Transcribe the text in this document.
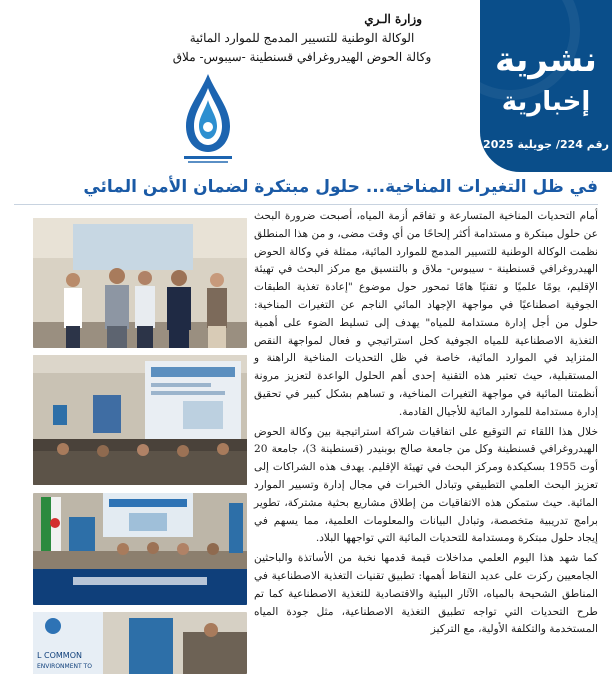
وزارة الـري
الوكالة الوطنية للتسيير المدمج للموارد المائية
وكالة الحوض الهيدروغرافي قسنطينة -سيبوس- ملاق	نشرية
إخبارية
رقم 224/ جويلية 2025
في ظل التغيرات المناخية... حلول مبتكرة لضمان الأمن المائي
L COMMON
ENVIRONMENT TO

أمام التحديات المناخية المتسارعة و تفاقم أزمة المياه، أصبحت ضرورة البحث عن حلول مبتكرة و مستدامة أكثر إلحاحًا من أي وقت مضى، و من هذا المنطلق نظمت الوكالة الوطنية للتسيير المدمج للموارد المائية، ممثلة في وكالة الحوض الهيدروغرافي قسنطينة - سيبوس- ملاق و بالتنسيق مع مركز البحث في تهيئة الإقليم، يومًا علميًا و تقنيًا هامًا تمحور حول موضوع "إعادة تغذية الطبقات الجوفية اصطناعيًا في مواجهة الإجهاد المائي الناجم عن التغيرات المناخية: حلول من أجل إدارة مستدامة للمياه" يهدف إلى تسليط الضوء على أهمية التغذية الاصطناعية للمياه الجوفية كحل استراتيجي و فعال لمواجهة النقص المتزايد في الموارد المائية، خاصة في ظل التحديات المناخية الراهنة و المستقبلية، حيث تعتبر هذه التقنية إحدى أهم الحلول الواعدة لتعزيز مرونة أنظمتنا المائية في مواجهة التغيرات المناخية، و تساهم بشكل كبير في تحقيق إدارة مستدامة للموارد المائية للأجيال القادمة.

خلال هذا اللقاء تم التوقيع على اتفاقيات شراكة استراتيجية بين وكالة الحوض الهيدروغرافي قسنطينة وكل من جامعة صالح بوبنيدر (قسنطينة 3)، جامعة 20 أوت 1955 بسكيكدة ومركز البحث في تهيئة الإقليم. يهدف هذه الشراكات إلى تعزيز البحث العلمي التطبيقي وتبادل الخبرات في مجال إدارة وتسيير الموارد المائية. حيث ستمكن هذه الاتفاقيات من إطلاق مشاريع بحثية مشتركة، تطوير برامج تدريبية متخصصة، وتبادل البيانات والمعلومات العلمية، مما يسهم في إيجاد حلول مبتكرة ومستدامة للتحديات المائية التي تواجهها البلاد.

كما شهد هذا اليوم العلمي مداخلات قيمة قدمها نخبة من الأساتذة والباحثين الجامعيين ركزت على عديد النقاط أهمها: تطبيق تقنيات التغذية الاصطناعية في المناطق الشحيحة بالمياه، الآثار البيئية والاقتصادية للتغذية الاصطناعية كما تم طرح التحديات التي تواجه تطبيق التغذية الاصطناعية، مثل جودة المياه المستخدمة والتكلفة الأولية، مع التركيز
